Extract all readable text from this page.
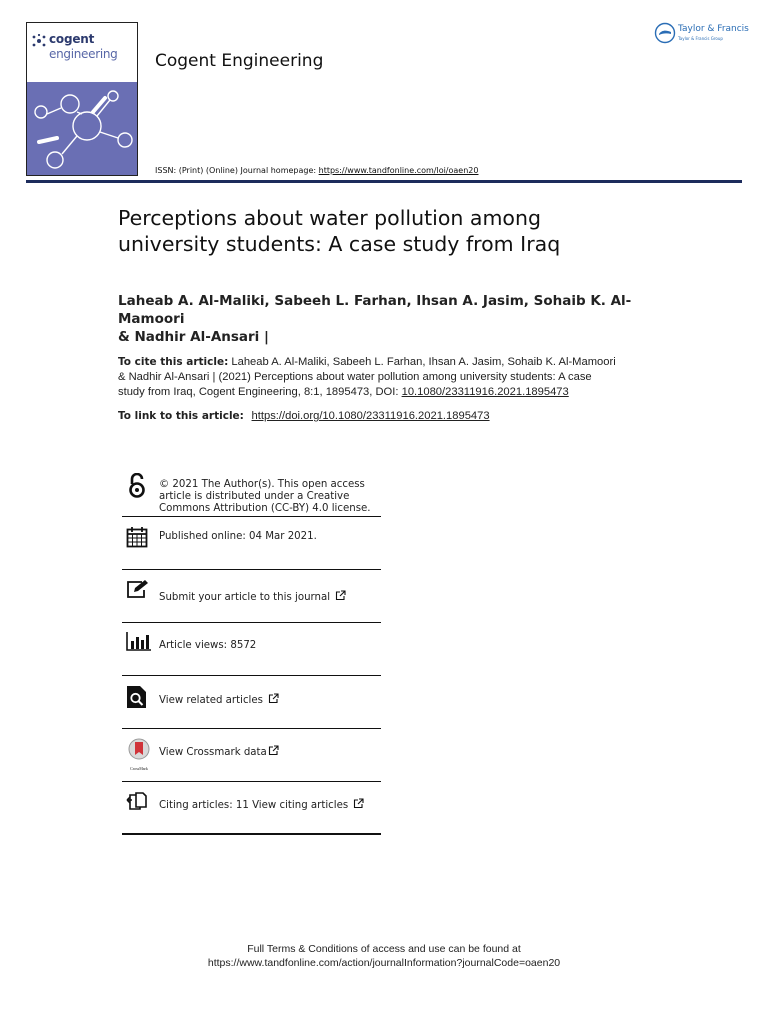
cogent
engineering Cogent Engineering
ISSN: (Print) (Online) Journal homepage: https://www.tandfonline.com/loi/oaen20
Taylor & Francis
Taylor & Francis Group
Perceptions about water pollution among
university students: A case study from Iraq
Laheab A. Al-Maliki, Sabeeh L. Farhan, Ihsan A. Jasim, Sohaib K. Al-Mamoori
& Nadhir Al-Ansari |
To cite this article: Laheab A. Al-Maliki, Sabeeh L. Farhan, Ihsan A. Jasim, Sohaib K. Al-Mamoori
& Nadhir Al-Ansari | (2021) Perceptions about water pollution among university students: A case
study from Iraq, Cogent Engineering, 8:1, 1895473, DOI: 10.1080/23311916.2021.1895473
To link to this article: https://doi.org/10.1080/23311916.2021.1895473
© 2021 The Author(s). This open access
article is distributed under a Creative
Commons Attribution (CC-BY) 4.0 license.
Published online: 04 Mar 2021.
Submit your article to this journal
Article views: 8572
View related articles
CrossMark
View Crossmark data
Citing articles: 11 View citing articles
Full Terms & Conditions of access and use can be found at
https://www.tandfonline.com/action/journalInformation?journalCode=oaen20
